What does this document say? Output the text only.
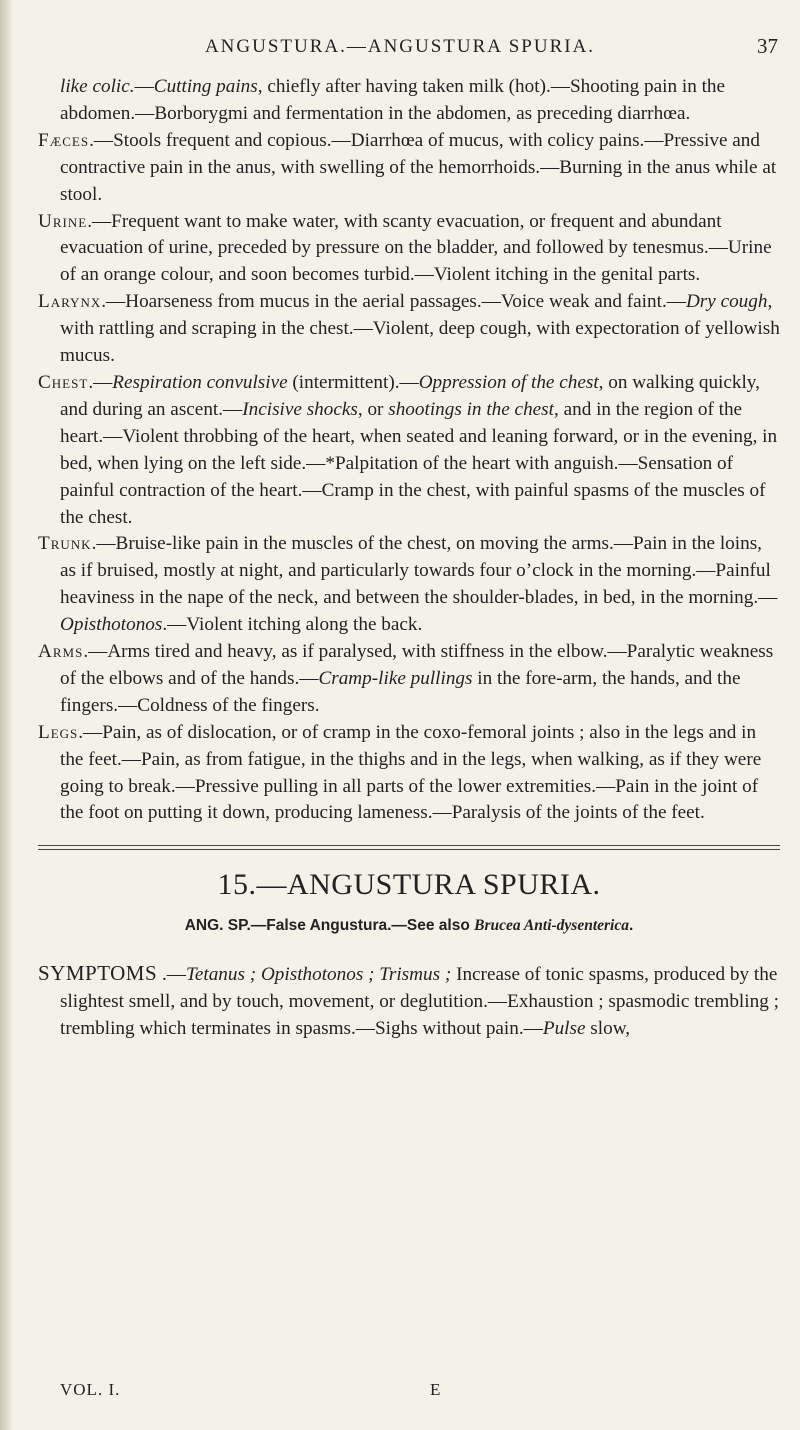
ANGUSTURA.—ANGUSTURA SPURIA.	37

like colic.—Cutting pains, chiefly after having taken milk (hot).—Shooting pain in the abdomen.—Borborygmi and fermentation in the abdomen, as preceding diarrhœa.

Fæces.—Stools frequent and copious.—Diarrhœa of mucus, with colicy pains.—Pressive and contractive pain in the anus, with swelling of the hemorrhoids.—Burning in the anus while at stool.

Urine.—Frequent want to make water, with scanty evacuation, or frequent and abundant evacuation of urine, preceded by pressure on the bladder, and followed by tenesmus.—Urine of an orange colour, and soon becomes turbid.—Violent itching in the genital parts.

Larynx.—Hoarseness from mucus in the aerial passages.—Voice weak and faint.—Dry cough, with rattling and scraping in the chest.—Violent, deep cough, with expectoration of yellowish mucus.

Chest.—Respiration convulsive (intermittent).—Oppression of the chest, on walking quickly, and during an ascent.—Incisive shocks, or shootings in the chest, and in the region of the heart.—Violent throbbing of the heart, when seated and leaning forward, or in the evening, in bed, when lying on the left side.—*Palpitation of the heart with anguish.—Sensation of painful contraction of the heart.—Cramp in the chest, with painful spasms of the muscles of the chest.

Trunk.—Bruise-like pain in the muscles of the chest, on moving the arms.—Pain in the loins, as if bruised, mostly at night, and particularly towards four o’clock in the morning.—Painful heaviness in the nape of the neck, and between the shoulder-blades, in bed, in the morning.—Opisthotonos.—Violent itching along the back.

Arms.—Arms tired and heavy, as if paralysed, with stiffness in the elbow.—Paralytic weakness of the elbows and of the hands.—Cramp-like pullings in the fore-arm, the hands, and the fingers.—Coldness of the fingers.

Legs.—Pain, as of dislocation, or of cramp in the coxo-femoral joints ; also in the legs and in the feet.—Pain, as from fatigue, in the thighs and in the legs, when walking, as if they were going to break.—Pressive pulling in all parts of the lower extremities.—Pain in the joint of the foot on putting it down, producing lameness.—Paralysis of the joints of the feet.

15.—ANGUSTURA SPURIA.
ANG. SP.—False Angustura.—See also Brucea Anti-dysenterica.

SYMPTOMS .—Tetanus ; Opisthotonos ; Trismus ; Increase of tonic spasms, produced by the slightest smell, and by touch, movement, or deglutition.—Exhaustion ; spasmodic trembling ; trembling which terminates in spasms.—Sighs without pain.—Pulse slow,

VOL. I.	E
